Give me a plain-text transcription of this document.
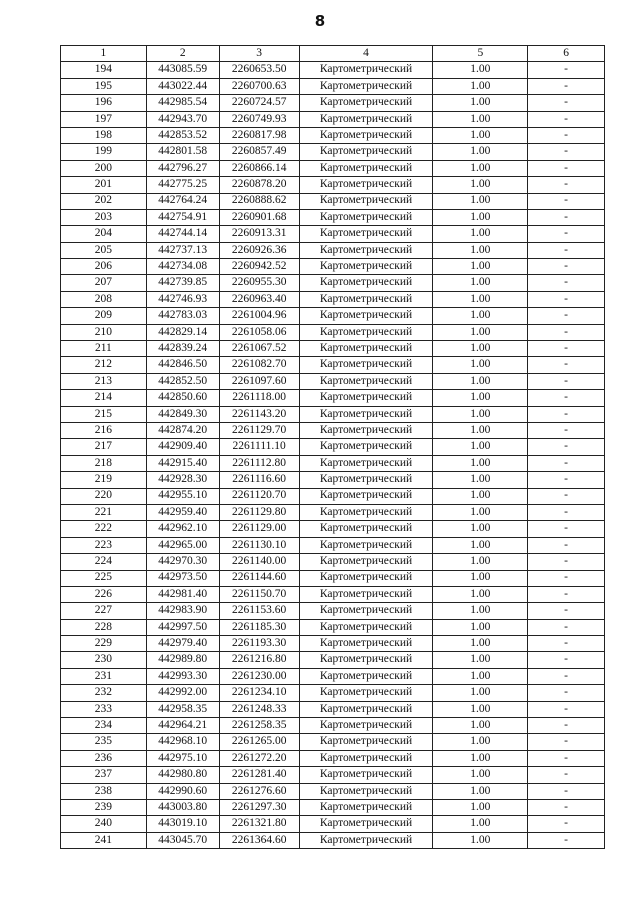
8
1	2	3	4	5	6
194	443085.59	2260653.50	Картометрический	1.00	-
195	443022.44	2260700.63	Картометрический	1.00	-
196	442985.54	2260724.57	Картометрический	1.00	-
197	442943.70	2260749.93	Картометрический	1.00	-
198	442853.52	2260817.98	Картометрический	1.00	-
199	442801.58	2260857.49	Картометрический	1.00	-
200	442796.27	2260866.14	Картометрический	1.00	-
201	442775.25	2260878.20	Картометрический	1.00	-
202	442764.24	2260888.62	Картометрический	1.00	-
203	442754.91	2260901.68	Картометрический	1.00	-
204	442744.14	2260913.31	Картометрический	1.00	-
205	442737.13	2260926.36	Картометрический	1.00	-
206	442734.08	2260942.52	Картометрический	1.00	-
207	442739.85	2260955.30	Картометрический	1.00	-
208	442746.93	2260963.40	Картометрический	1.00	-
209	442783.03	2261004.96	Картометрический	1.00	-
210	442829.14	2261058.06	Картометрический	1.00	-
211	442839.24	2261067.52	Картометрический	1.00	-
212	442846.50	2261082.70	Картометрический	1.00	-
213	442852.50	2261097.60	Картометрический	1.00	-
214	442850.60	2261118.00	Картометрический	1.00	-
215	442849.30	2261143.20	Картометрический	1.00	-
216	442874.20	2261129.70	Картометрический	1.00	-
217	442909.40	2261111.10	Картометрический	1.00	-
218	442915.40	2261112.80	Картометрический	1.00	-
219	442928.30	2261116.60	Картометрический	1.00	-
220	442955.10	2261120.70	Картометрический	1.00	-
221	442959.40	2261129.80	Картометрический	1.00	-
222	442962.10	2261129.00	Картометрический	1.00	-
223	442965.00	2261130.10	Картометрический	1.00	-
224	442970.30	2261140.00	Картометрический	1.00	-
225	442973.50	2261144.60	Картометрический	1.00	-
226	442981.40	2261150.70	Картометрический	1.00	-
227	442983.90	2261153.60	Картометрический	1.00	-
228	442997.50	2261185.30	Картометрический	1.00	-
229	442979.40	2261193.30	Картометрический	1.00	-
230	442989.80	2261216.80	Картометрический	1.00	-
231	442993.30	2261230.00	Картометрический	1.00	-
232	442992.00	2261234.10	Картометрический	1.00	-
233	442958.35	2261248.33	Картометрический	1.00	-
234	442964.21	2261258.35	Картометрический	1.00	-
235	442968.10	2261265.00	Картометрический	1.00	-
236	442975.10	2261272.20	Картометрический	1.00	-
237	442980.80	2261281.40	Картометрический	1.00	-
238	442990.60	2261276.60	Картометрический	1.00	-
239	443003.80	2261297.30	Картометрический	1.00	-
240	443019.10	2261321.80	Картометрический	1.00	-
241	443045.70	2261364.60	Картометрический	1.00	-
